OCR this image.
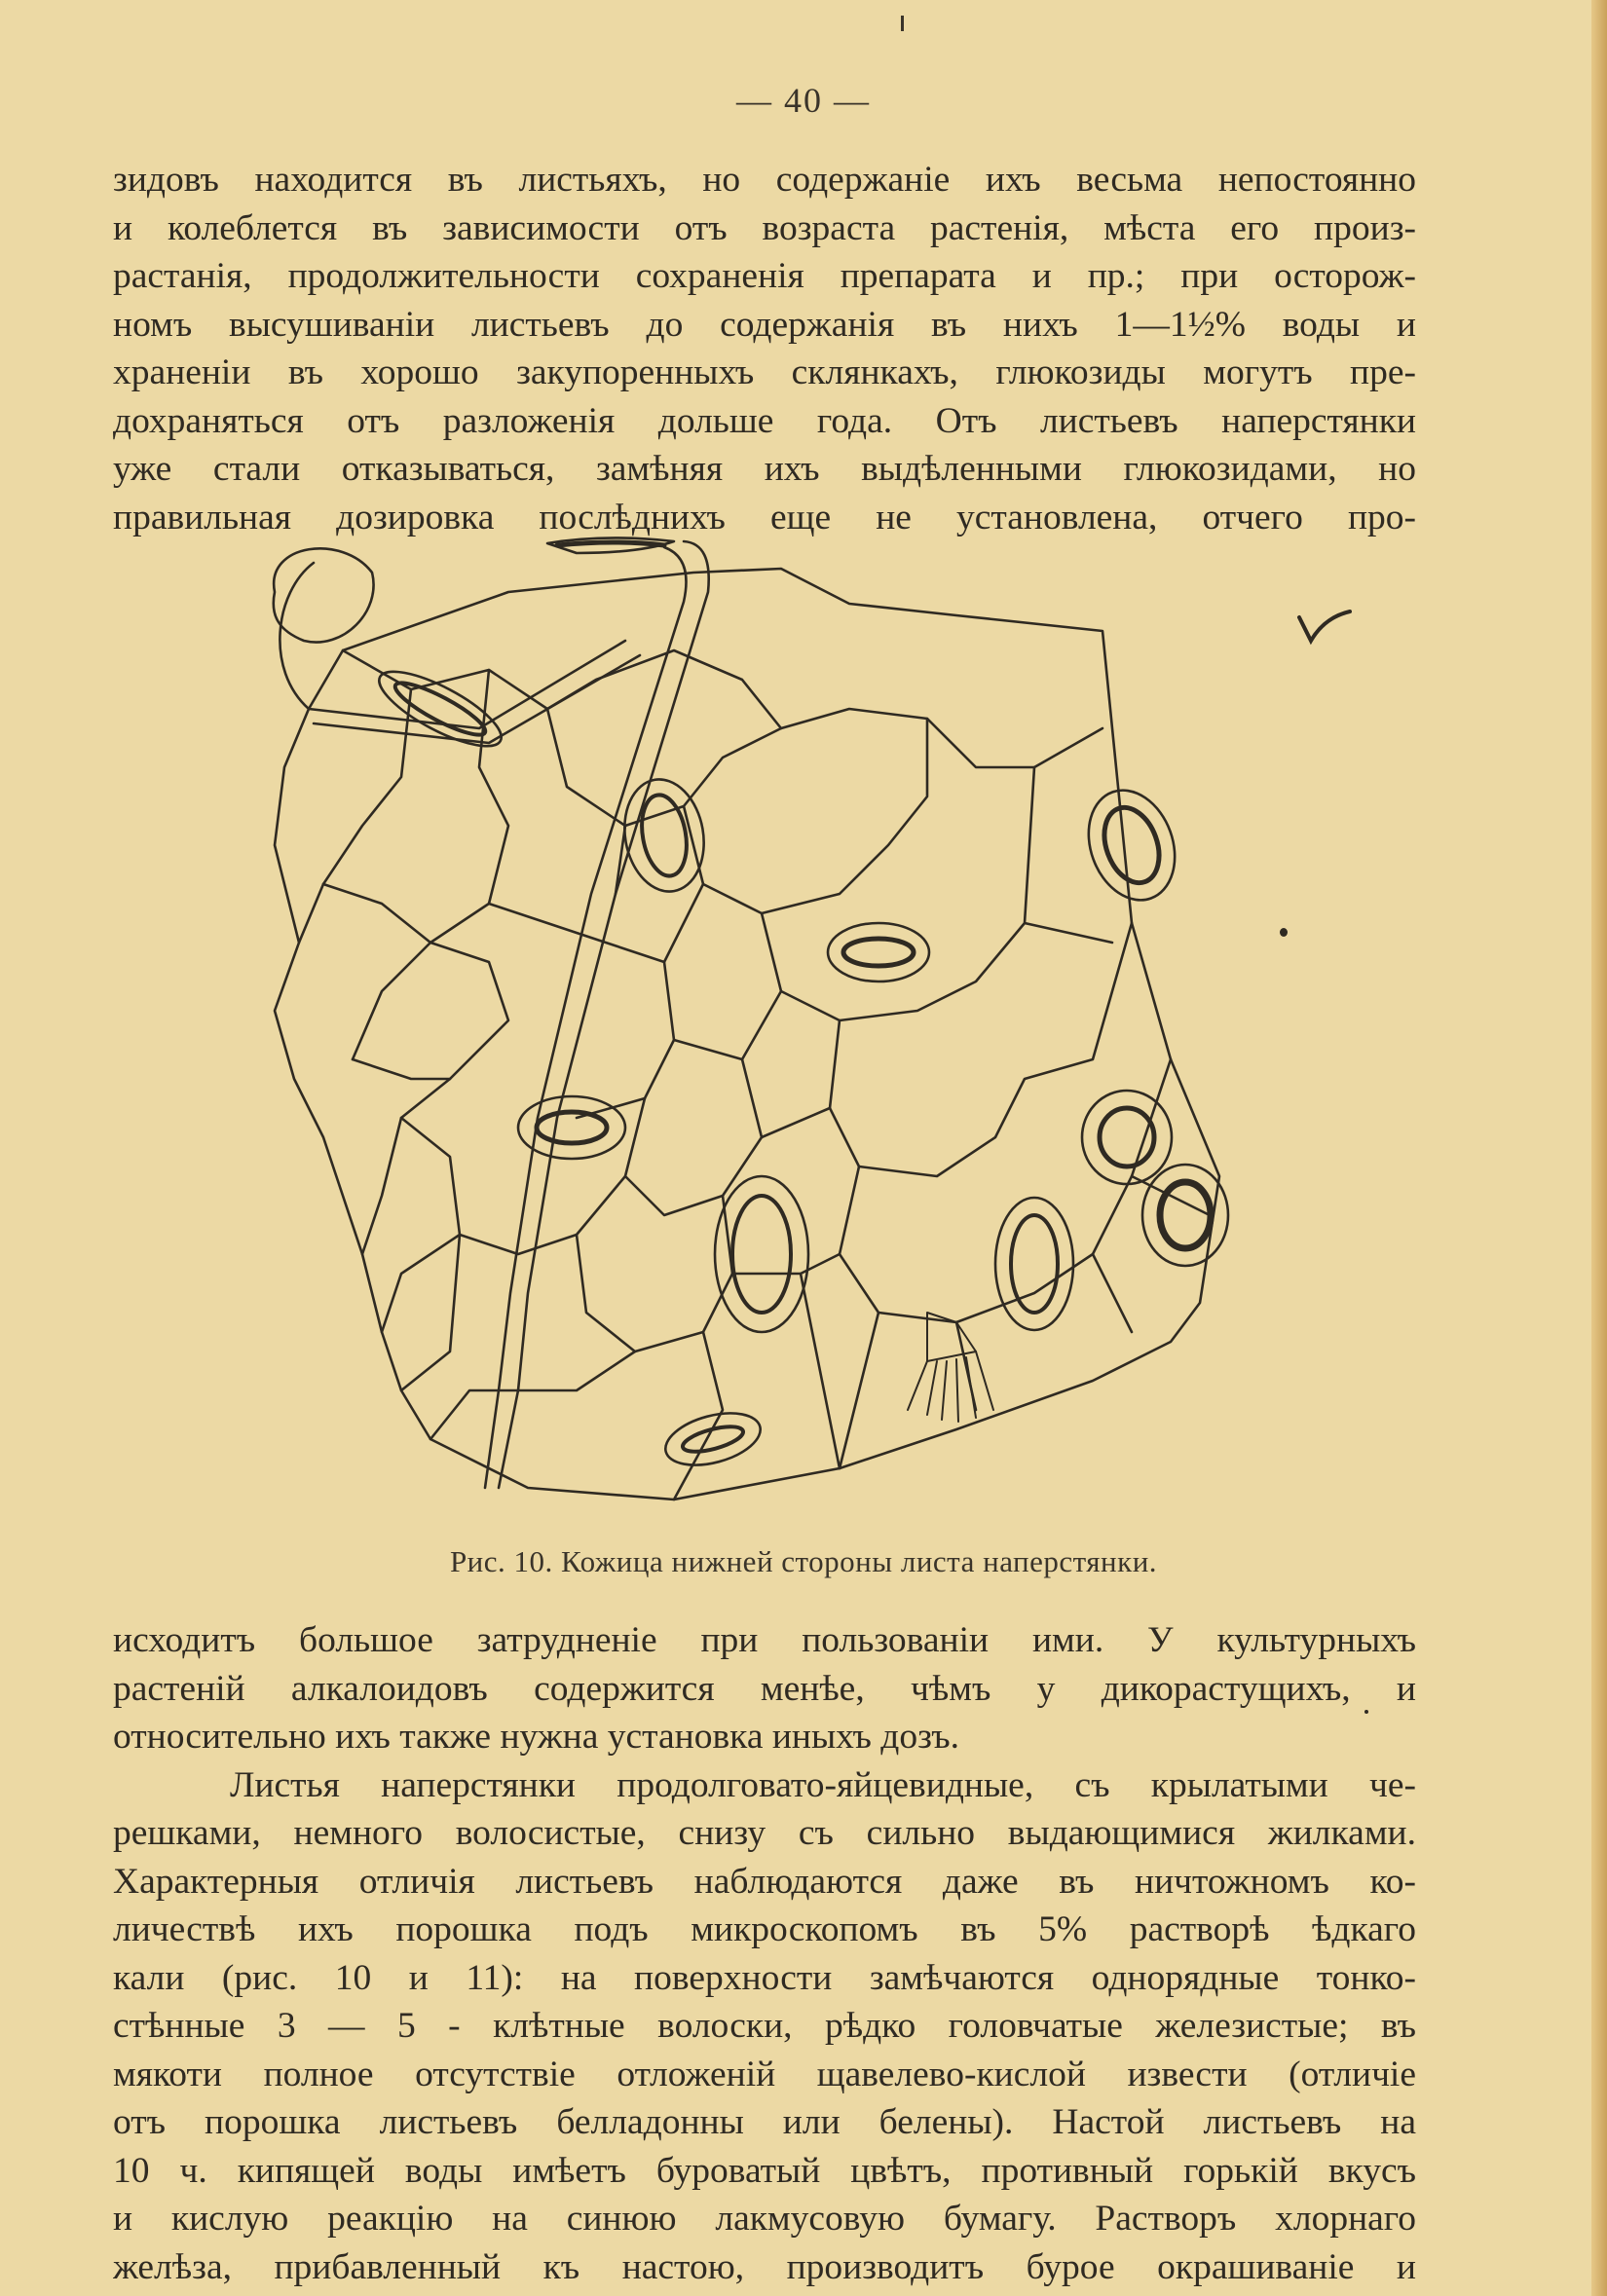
— 40 —
зидовъ находится въ листьяхъ, но содержаніе ихъ весьма непостоянно
и колеблется въ зависимости отъ возраста растенія, мѣста его произ-
растанія, продолжительности сохраненія препарата и пр.; при осторож-
номъ высушиваніи листьевъ до содержанія въ нихъ 1—1½% воды и
храненіи въ хорошо закупоренныхъ склянкахъ, глюкозиды могутъ пре-
дохраняться отъ разложенія дольше года. Отъ листьевъ наперстянки
уже стали отказываться, замѣняя ихъ выдѣленными глюкозидами, но
правильная дозировка послѣднихъ еще не установлена, отчего про-
Рис. 10. Кожица нижней стороны листа наперстянки.
исходитъ большое затрудненіе при пользованіи ими. У культурныхъ
растеній алкалоидовъ содержится менѣе, чѣмъ у дикорастущихъ, и
относительно ихъ также нужна установка иныхъ дозъ.
Листья наперстянки продолговато-яйцевидные, съ крылатыми че-
решками, немного волосистые, снизу съ сильно выдающимися жилками.
Характерныя отличія листьевъ наблюдаются даже въ ничтожномъ ко-
личествѣ ихъ порошка подъ микроскопомъ въ 5% растворѣ ѣдкаго
кали (рис. 10 и 11): на поверхности замѣчаются однорядные тонко-
стѣнные 3 — 5 - клѣтные волоски, рѣдко головчатые железистые; въ
мякоти полное отсутствіе отложеній щавелево-кислой извести (отличіе
отъ порошка листьевъ белладонны или белены). Настой листьевъ на
10 ч. кипящей воды имѣетъ буроватый цвѣтъ, противный горькій вкусъ
и кислую реакцію на синюю лакмусовую бумагу. Растворъ хлорнаго
желѣза, прибавленный къ настою, производитъ бурое окрашиваніе и
